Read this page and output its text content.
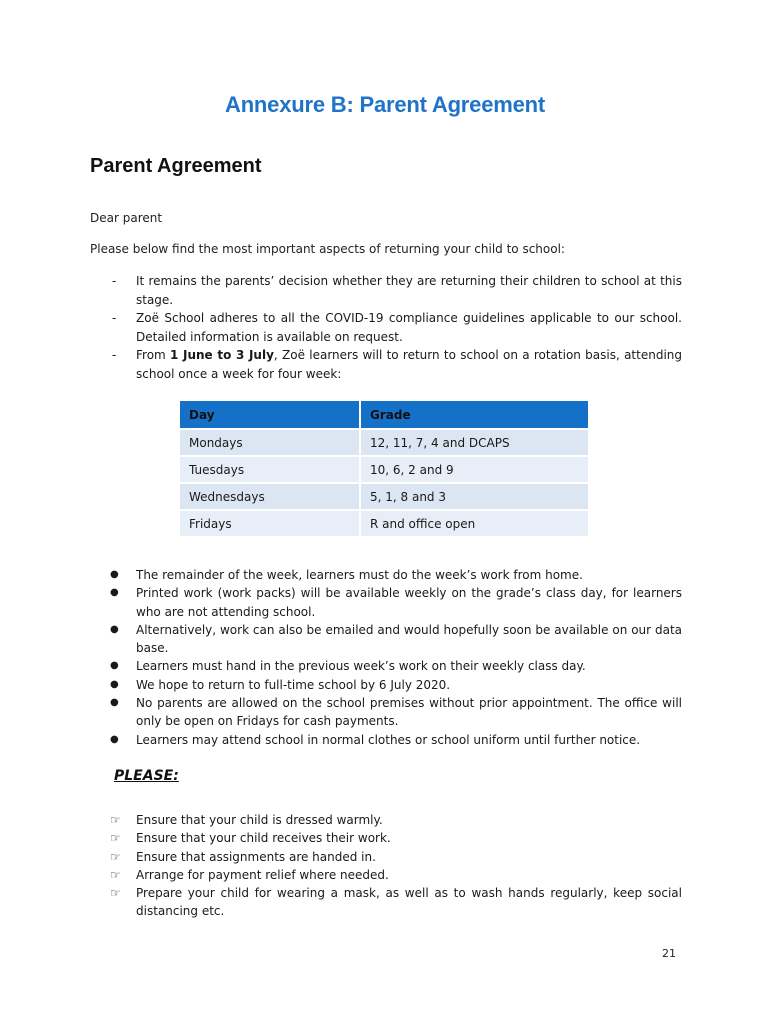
Annexure B: Parent Agreement
Parent Agreement
Dear parent
Please below find the most important aspects of returning your child to school:
- It remains the parents’ decision whether they are returning their children to school at this stage.
- Zoë School adheres to all the COVID-19 compliance guidelines applicable to our school. Detailed information is available on request.
- From 1 June to 3 July, Zoë learners will to return to school on a rotation basis, attending school once a week for four week:
Day	Grade
Mondays	12, 11, 7, 4 and DCAPS
Tuesdays	10, 6, 2 and 9
Wednesdays	5, 1, 8 and 3
Fridays	R and office open
● The remainder of the week, learners must do the week’s work from home.
● Printed work (work packs) will be available weekly on the grade’s class day, for learners who are not attending school.
● Alternatively, work can also be emailed and would hopefully soon be available on our data base.
● Learners must hand in the previous week’s work on their weekly class day.
● We hope to return to full-time school by 6 July 2020.
● No parents are allowed on the school premises without prior appointment. The office will only be open on Fridays for cash payments.
● Learners may attend school in normal clothes or school uniform until further notice.
PLEASE:
☞ Ensure that your child is dressed warmly.
☞ Ensure that your child receives their work.
☞ Ensure that assignments are handed in.
☞ Arrange for payment relief where needed.
☞ Prepare your child for wearing a mask, as well as to wash hands regularly, keep social distancing etc.
21
